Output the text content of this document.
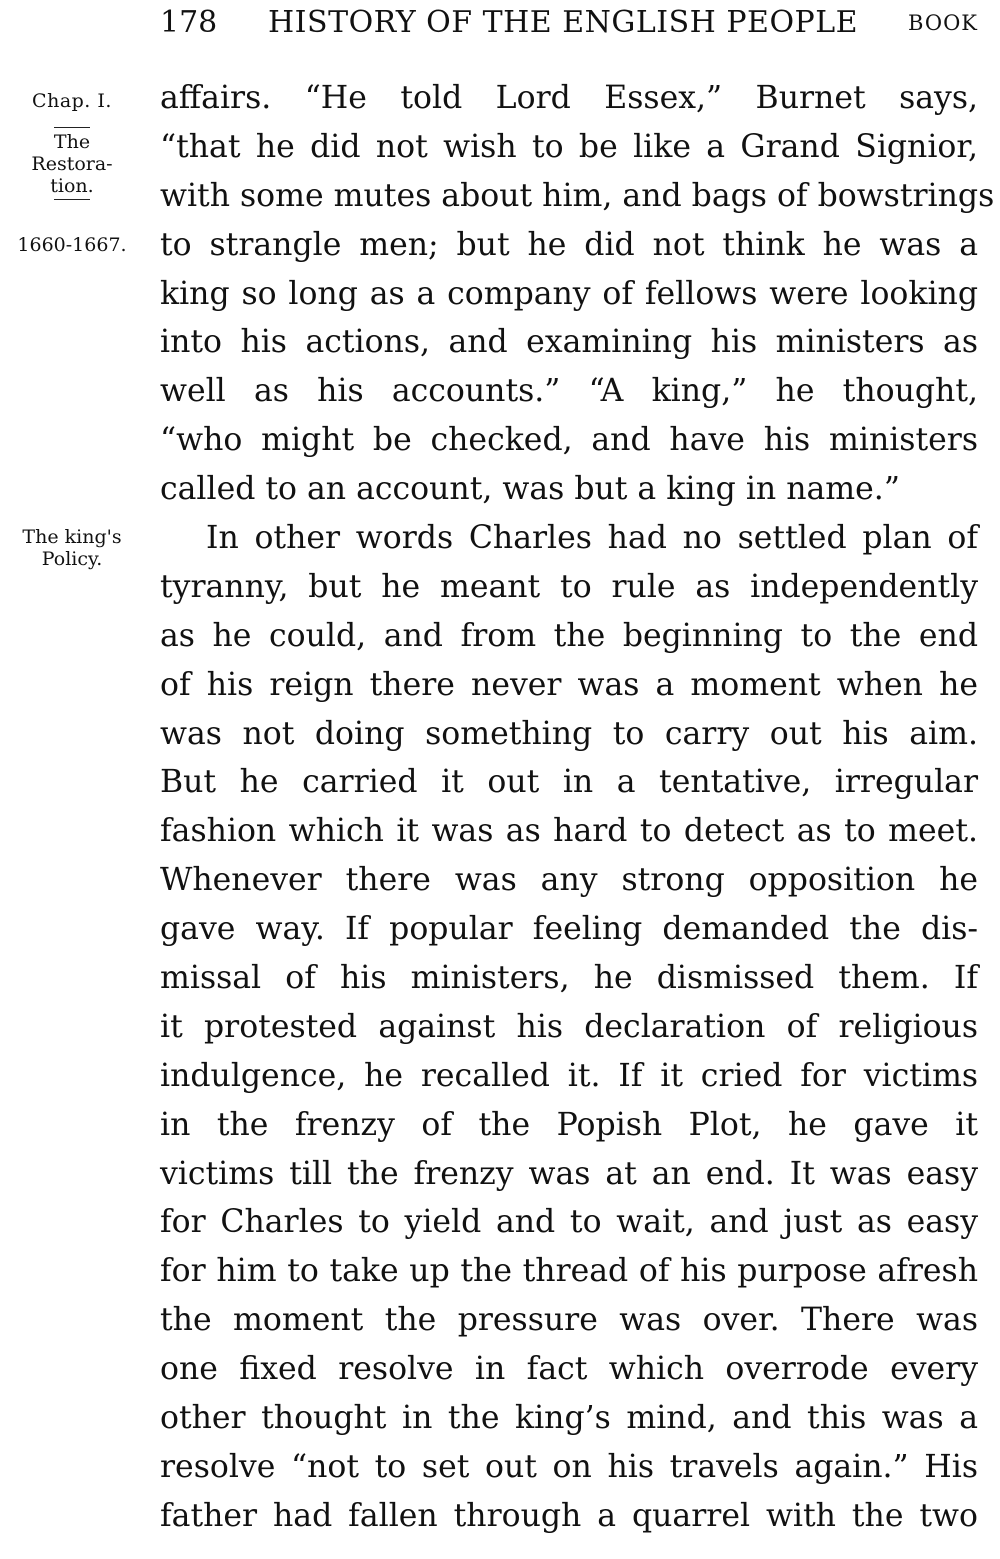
178 HISTORY OF THE ENGLISH PEOPLE BOOK
Chap. I.
The
Restora-
tion.
1660-1667.
The king's
Policy.
affairs. “He told Lord Essex,” Burnet says,
“that he did not wish to be like a Grand Signior,
with some mutes about him, and bags of bowstrings
to strangle men; but he did not think he was a
king so long as a company of fellows were looking
into his actions, and examining his ministers as
well as his accounts.” “A king,” he thought,
“who might be checked, and have his ministers
called to an account, was but a king in name.”
In other words Charles had no settled plan of
tyranny, but he meant to rule as independently
as he could, and from the beginning to the end
of his reign there never was a moment when he
was not doing something to carry out his aim.
But he carried it out in a tentative, irregular
fashion which it was as hard to detect as to meet.
Whenever there was any strong opposition he
gave way. If popular feeling demanded the dis-
missal of his ministers, he dismissed them. If
it protested against his declaration of religious
indulgence, he recalled it. If it cried for victims
in the frenzy of the Popish Plot, he gave it
victims till the frenzy was at an end. It was easy
for Charles to yield and to wait, and just as easy
for him to take up the thread of his purpose afresh
the moment the pressure was over. There was
one fixed resolve in fact which overrode every
other thought in the king’s mind, and this was a
resolve “not to set out on his travels again.” His
father had fallen through a quarrel with the two
